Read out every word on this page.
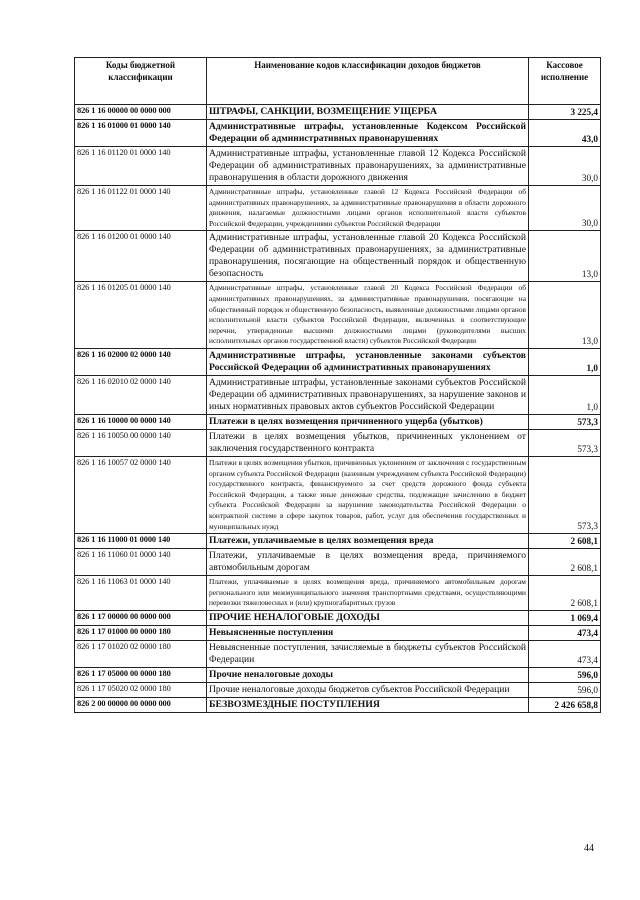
Коды бюджетной классификации	Наименование кодов классификации доходов бюджетов	Кассовое исполнение
826 1 16 00000 00 0000 000	ШТРАФЫ, САНКЦИИ, ВОЗМЕЩЕНИЕ УЩЕРБА	3 225,4
826 1 16 01000 01 0000 140	Административные штрафы, установленные Кодексом Российской Федерации об административных правонарушениях	43,0
826 1 16 01120 01 0000 140	Административные штрафы, установленные главой 12 Кодекса Российской Федерации об административных правонарушениях, за административные правонарушения в области дорожного движения	30,0
826 1 16 01122 01 0000 140	Административные штрафы, установленные главой 12 Кодекса Российской Федерации об административных правонарушениях, за административные правонарушения в области дорожного движения, налагаемые должностными лицами органов исполнительной власти субъектов Российской Федерации, учреждениями субъектов Российской Федерации	30,0
826 1 16 01200 01 0000 140	Административные штрафы, установленные главой 20 Кодекса Российской Федерации об административных правонарушениях, за административные правонарушения, посягающие на общественный порядок и общественную безопасность	13,0
826 1 16 01205 01 0000 140	Административные штрафы, установленные главой 20 Кодекса Российской Федерации об административных правонарушениях, за административные правонарушения, посягающие на общественный порядок и общественную безопасность, выявленные должностными лицами органов исполнительной власти субъектов Российской Федерации, включенных в соответствующие перечни, утвержденные высшими должностными лицами (руководителями высших исполнительных органов государственной власти) субъектов Российской Федерации	13,0
826 1 16 02000 02 0000 140	Административные штрафы, установленные законами субъектов Российской Федерации об административных правонарушениях	1,0
826 1 16 02010 02 0000 140	Административные штрафы, установленные законами субъектов Российской Федерации об административных правонарушениях, за нарушение законов и иных нормативных правовых актов субъектов Российской Федерации	1,0
826 1 16 10000 00 0000 140	Платежи в целях возмещения причиненного ущерба (убытков)	573,3
826 1 16 10050 00 0000 140	Платежи в целях возмещения убытков, причиненных уклонением от заключения государственного контракта	573,3
826 1 16 10057 02 0000 140	Платежи в целях возмещения убытков, причиненных уклонением от заключения с государственным органом субъекта Российской Федерации (казенным учреждением субъекта Российской Федерации) государственного контракта, финансируемого за счет средств дорожного фонда субъекта Российской Федерации, а также иные денежные средства, подлежащие зачислению в бюджет субъекта Российской Федерации за нарушение законодательства Российской Федерации о контрактной системе в сфере закупок товаров, работ, услуг для обеспечения государственных и муниципальных нужд	573,3
826 1 16 11000 01 0000 140	Платежи, уплачиваемые в целях возмещения вреда	2 608,1
826 1 16 11060 01 0000 140	Платежи, уплачиваемые в целях возмещения вреда, причиняемого автомобильным дорогам	2 608,1
826 1 16 11063 01 0000 140	Платежи, уплачиваемые в целях возмещения вреда, причиняемого автомобильным дорогам регионального или межмуниципального значения транспортными средствами, осуществляющими перевозки тяжеловесных и (или) крупногабаритных грузов	2 608,1
826 1 17 00000 00 0000 000	ПРОЧИЕ НЕНАЛОГОВЫЕ ДОХОДЫ	1 069,4
826 1 17 01000 00 0000 180	Невыясненные поступления	473,4
826 1 17 01020 02 0000 180	Невыясненные поступления, зачисляемые в бюджеты субъектов Российской Федерации	473,4
826 1 17 05000 00 0000 180	Прочие неналоговые доходы	596,0
826 1 17 05020 02 0000 180	Прочие неналоговые доходы бюджетов субъектов Российской Федерации	596,0
826 2 00 00000 00 0000 000	БЕЗВОЗМЕЗДНЫЕ ПОСТУПЛЕНИЯ	2 426 658,8
44
